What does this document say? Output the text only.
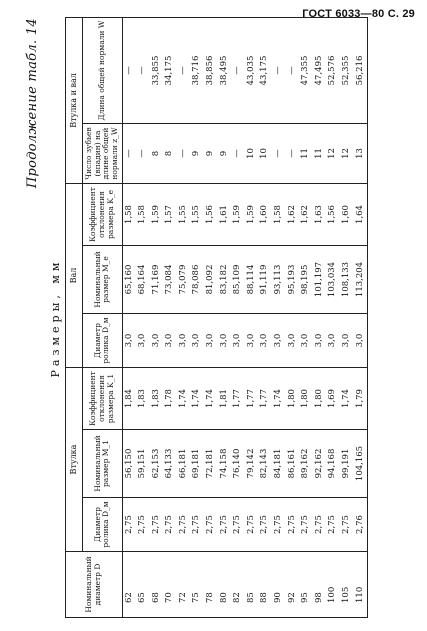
ГОСТ 6033—80 С. 29
Продолжение табл. 14
Размеры, мм
Номинальный диаметр D	Втулка			Вал			Втулка и вал	
	Диаметр ролика D_м	Номинальный размер M_1	Коэффициент отклонения размера K_1	Диаметр ролика D_м	Номинальный размер M_e	Коэффициент отклонения размера K_e	Число зубьев (впадин) на длине общей нормали z_W	Длина общей нормали W
62	2,75	56,150	1,84	3,0	65,160	1,58	—	—
65	2,75	59,151	1,83	3,0	68,164	1,58	—	—
68	2,75	62,153	1,83	3,0	71,169	1,59	8	33,855
70	2,75	64,133	1,78	3,0	73,084	1,57	8	34,175
72	2,75	66,181	1,74	3,0	75,079	1,55	—	—
75	2,75	69,181	1,74	3,0	78,086	1,55	9	38,716
78	2,75	72,181	1,74	3,0	81,092	1,56	9	38,856
80	2,75	74,158	1,81	3,0	83,182	1,61	9	38,495
82	2,75	76,140	1,77	3,0	85,109	1,59	—	—
85	2,75	79,142	1,77	3,0	88,114	1,59	10	43,035
88	2,75	82,143	1,77	3,0	91,119	1,60	10	43,175
90	2,75	84,181	1,74	3,0	93,113	1,58	—	—
92	2,75	86,161	1,80	3,0	95,193	1,62	—	—
95	2,75	89,162	1,80	3,0	98,195	1,62	11	47,355
98	2,75	92,162	1,80	3,0	101,197	1,63	11	47,495
100	2,75	94,168	1,69	3,0	103,034	1,56	12	52,576
105	2,75	99,191	1,74	3,0	108,133	1,60	12	52,355
110	2,76	104,165	1,79	3,0	113,204	1,64	13	56,216
